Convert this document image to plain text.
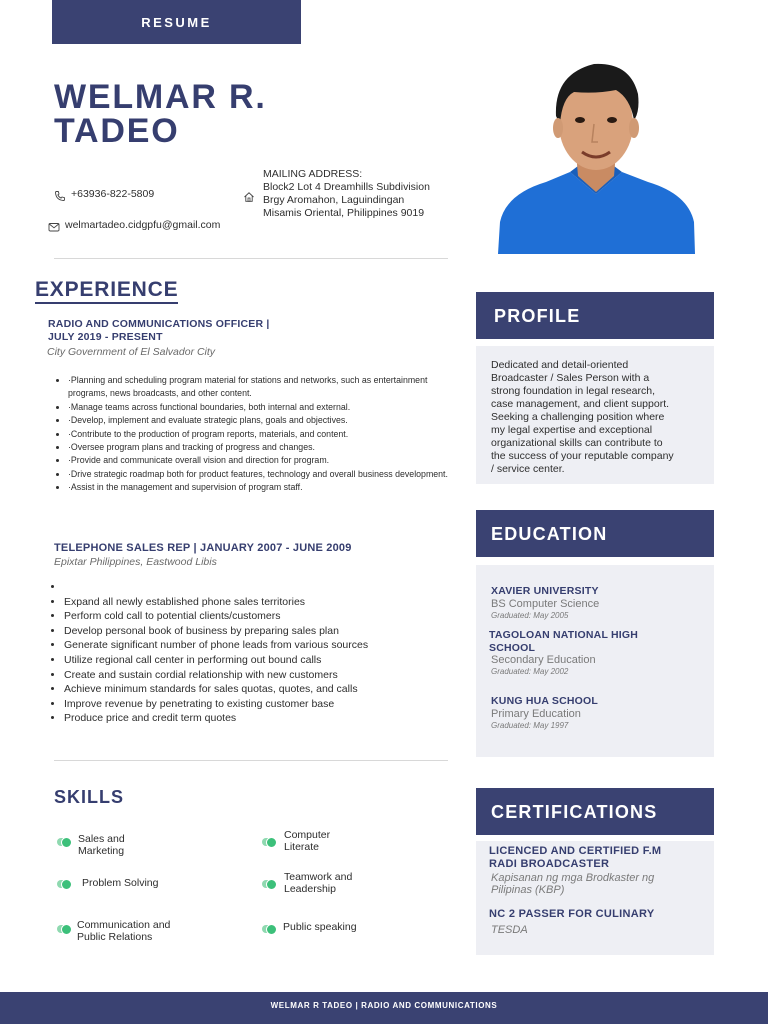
RESUME
WELMAR R.
TADEO
+63936-822-5809
welmartadeo.cidgpfu@gmail.com
MAILING ADDRESS:
Block2 Lot 4 Dreamhills Subdivision
Brgy Aromahon, Laguindingan
Misamis Oriental, Philippines 9019
EXPERIENCE
RADIO AND COMMUNICATIONS OFFICER |
JULY 2019 - PRESENT
City Government of El Salvador City
• ·Planning and scheduling program material for stations and networks, such as entertainment programs, news broadcasts, and other content.
• ·Manage teams across functional boundaries, both internal and external.
• ·Develop, implement and evaluate strategic plans, goals and objectives.
• ·Contribute to the production of program reports, materials, and content.
• ·Oversee program plans and tracking of progress and changes.
• ·Provide and communicate overall vision and direction for program.
• ·Drive strategic roadmap both for product features, technology and overall business development.
• ·Assist in the management and supervision of program staff.
TELEPHONE SALES REP | JANUARY 2007 - JUNE 2009
Epixtar Philippines, Eastwood Libis
•
• Expand all newly established phone sales territories
• Perform cold call to potential clients/customers
• Develop personal book of business by preparing sales plan
• Generate significant number of phone leads from various sources
• Utilize regional call center in performing out bound calls
• Create and sustain cordial relationship with new customers
• Achieve minimum standards for sales quotas, quotes, and calls
• Improve revenue by penetrating to existing customer base
• Produce price and credit term quotes
SKILLS
Sales and
Marketing
Computer
Literate
Problem Solving	Teamwork and
Leadership
Communication and
Public Relations
Public speaking
PROFILE
Dedicated and detail-oriented
Broadcaster / Sales Person with a
strong foundation in legal research,
case management, and client support.
Seeking a challenging position where
my legal expertise and exceptional
organizational skills can contribute to
the success of your reputable company
/ service center.
EDUCATION
XAVIER UNIVERSITY
BS Computer Science
Graduated: May 2005
TAGOLOAN NATIONAL HIGH
SCHOOL
Secondary Education
Graduated: May 2002
KUNG HUA SCHOOL
Primary Education
Graduated: May 1997
CERTIFICATIONS
LICENCED AND CERTIFIED F.M
RADI BROADCASTER
Kapisanan ng mga Brodkaster ng
Pilipinas (KBP)
NC 2 PASSER FOR CULINARY
TESDA
WELMAR R TADEO | RADIO AND COMMUNICATIONS
